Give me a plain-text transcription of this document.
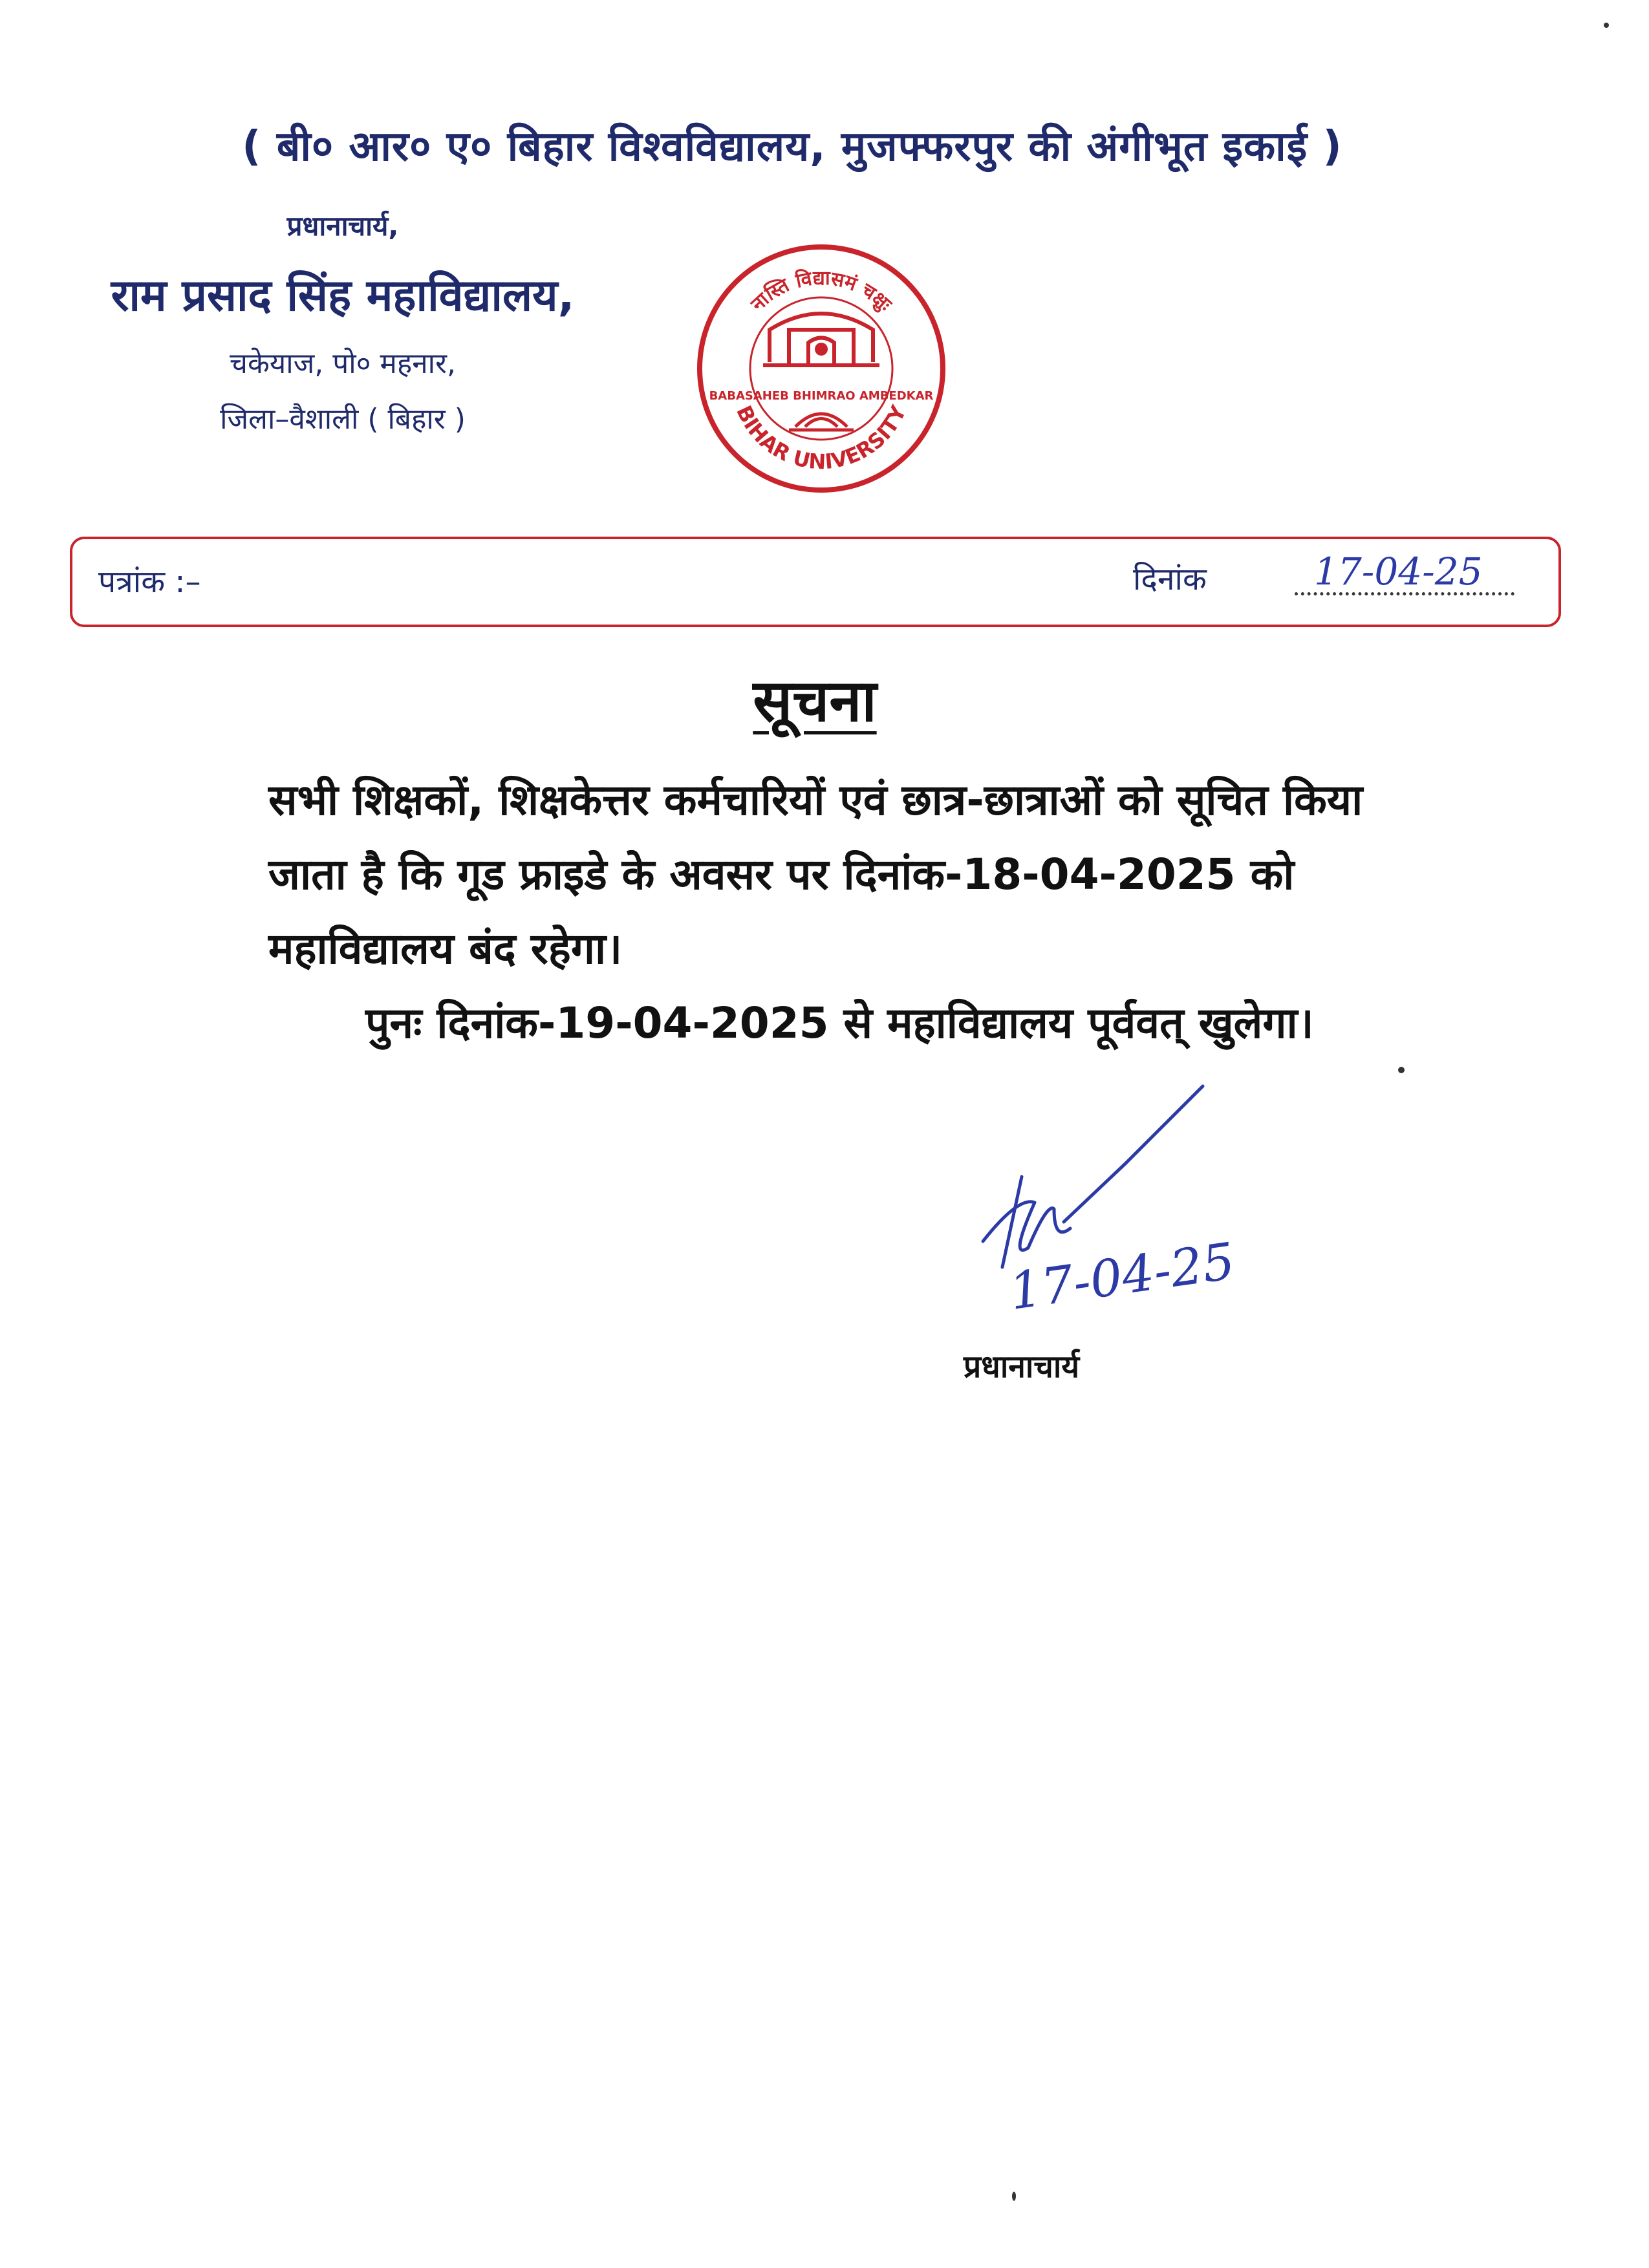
( बी० आर० ए० बिहार विश्वविद्यालय, मुजफ्फरपुर की अंगीभूत इकाई )
प्रधानाचार्य,
राम प्रसाद सिंह महाविद्यालय,
चकेयाज, पो० महनार,
जिला–वैशाली ( बिहार )
नास्ति विद्यासमं चक्षुः
BABASAHEB BHIMRAO AMBEDKAR
BIHAR UNIVERSITY
पत्रांक :–	दिनांक	17-04-25
सूचना

सभी शिक्षकों, शिक्षकेत्तर कर्मचारियों एवं छात्र-छात्राओं को सूचित किया जाता है कि गूड फ्राइडे के अवसर पर दिनांक-18-04-2025 को महाविद्यालय बंद रहेगा।

पुनः दिनांक-19-04-2025 से महाविद्यालय पूर्ववत् खुलेगा।

17-04-25
प्रधानाचार्य
